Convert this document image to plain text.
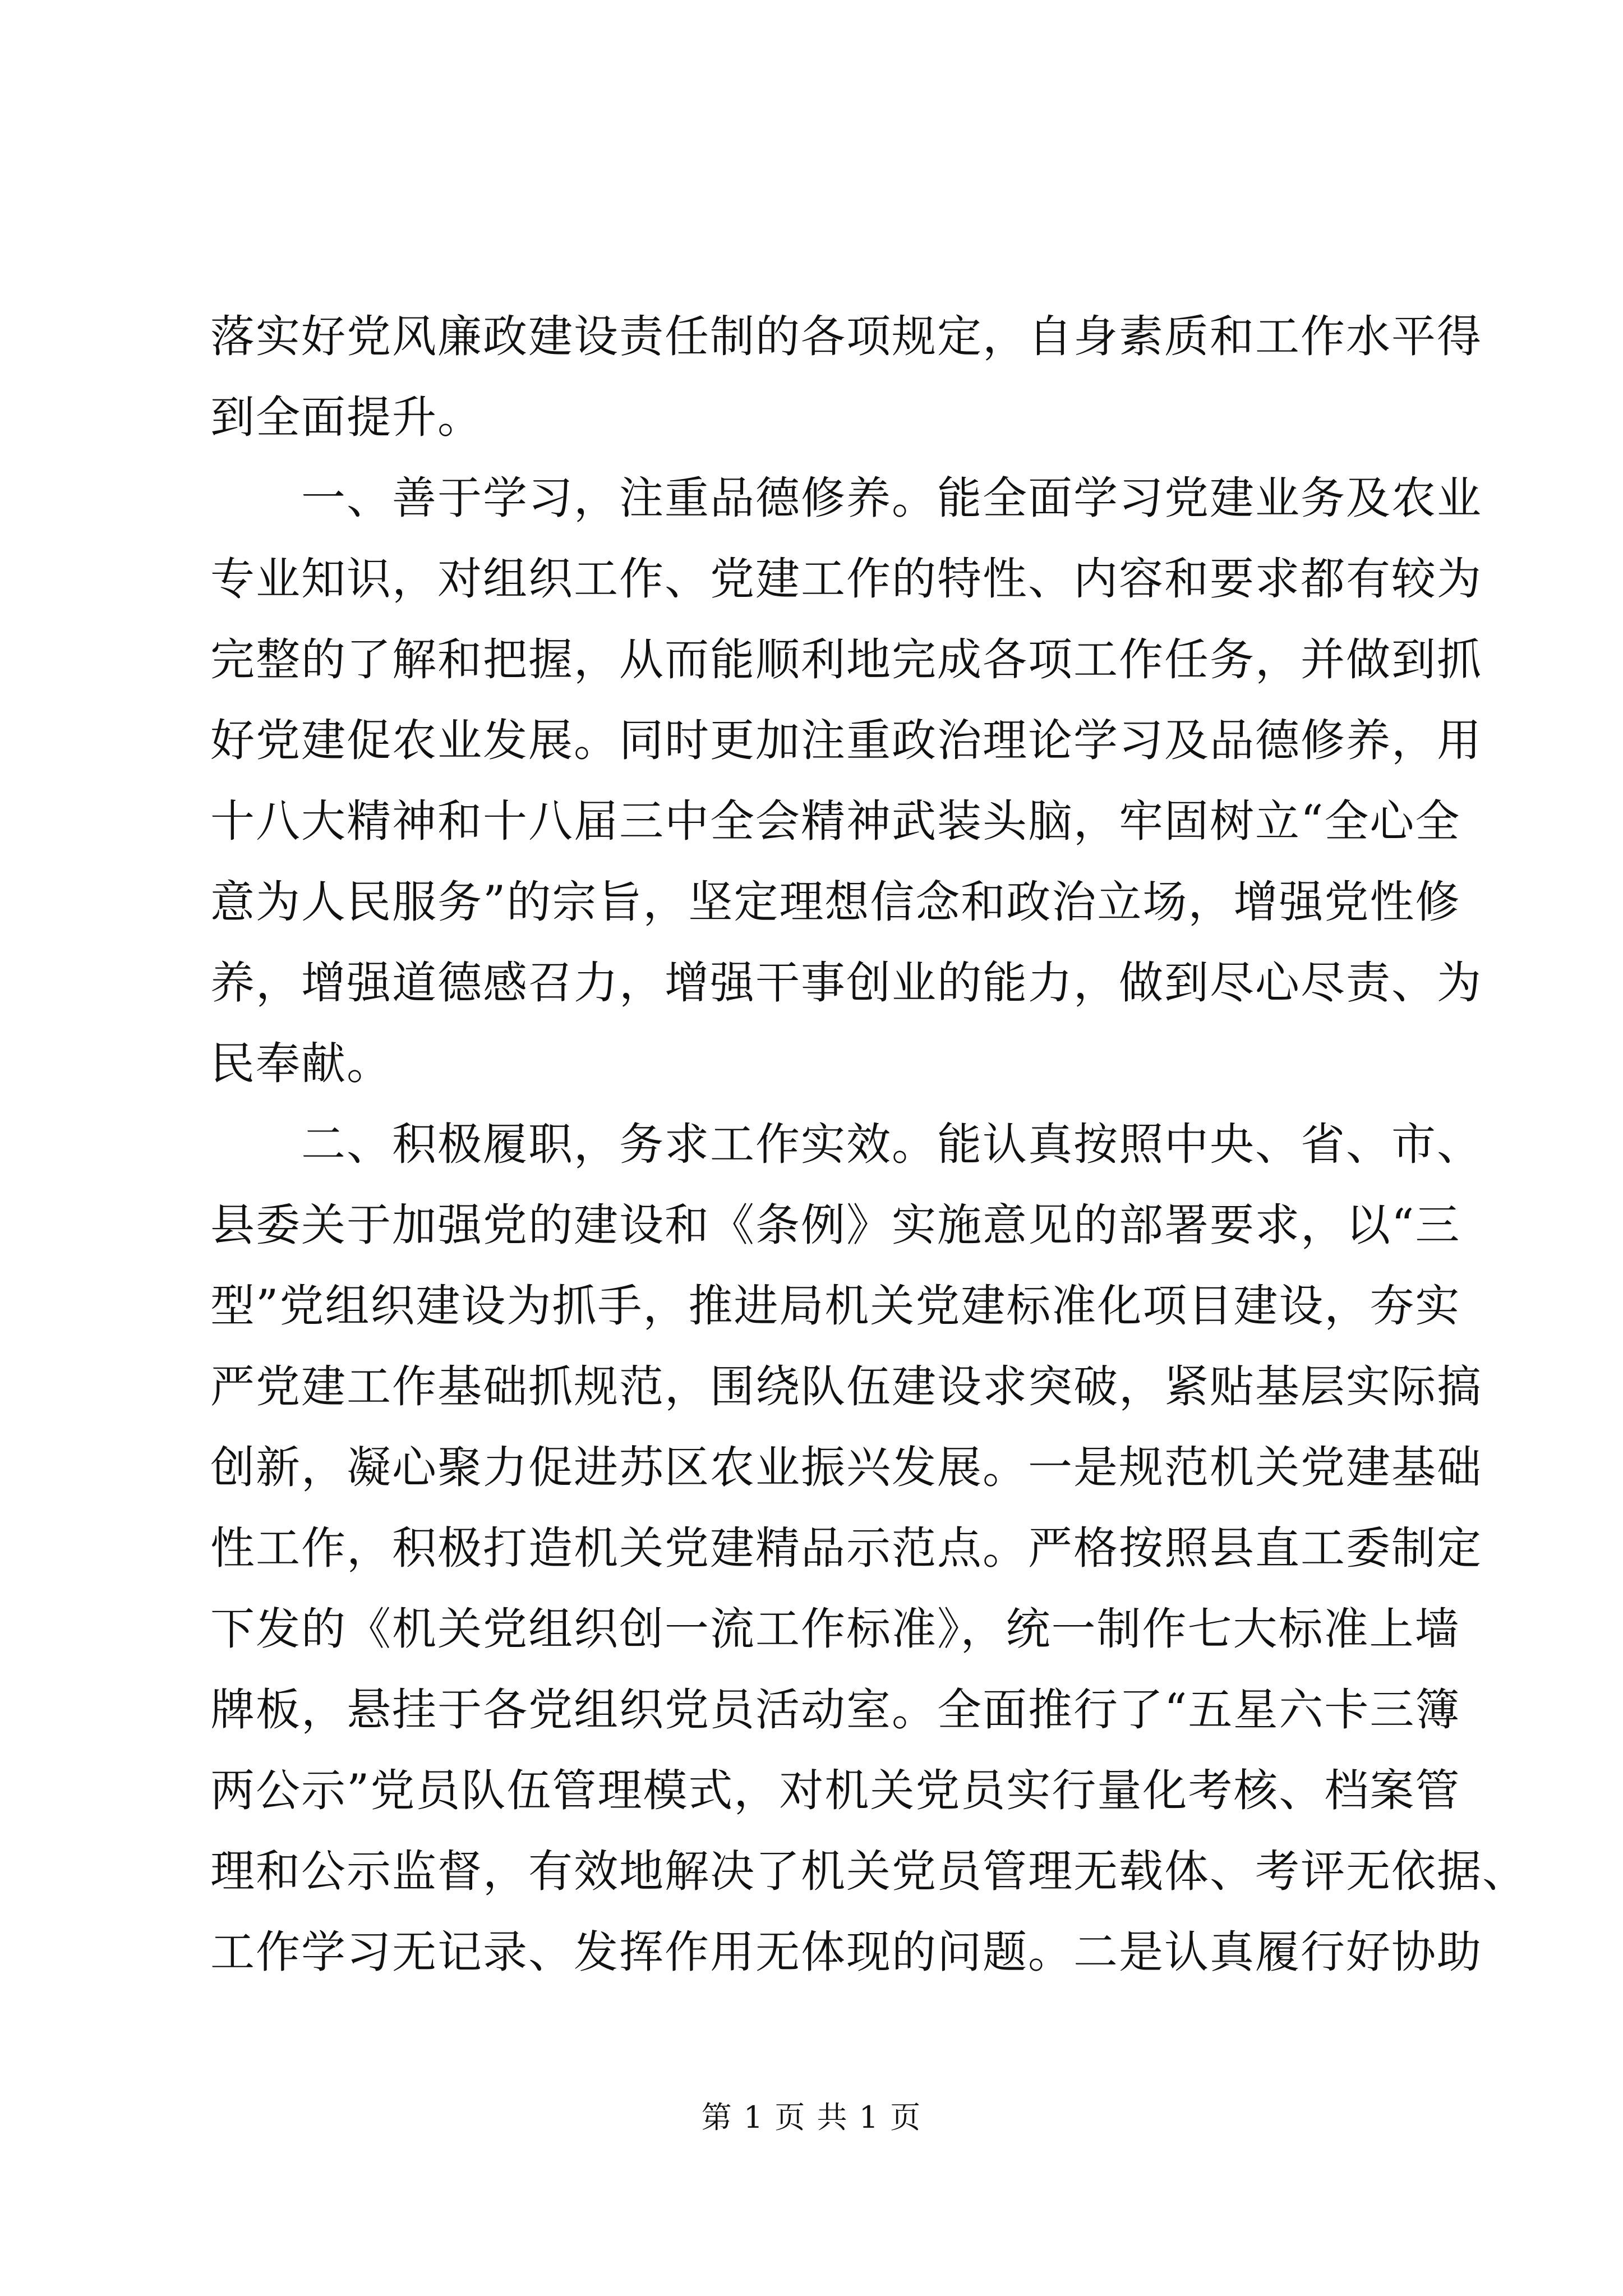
落实好党风廉政建设责任制的各项规定，自身素质和工作水平得
到全面提升。
一、善于学习，注重品德修养。能全面学习党建业务及农业
专业知识，对组织工作、党建工作的特性、内容和要求都有较为
完整的了解和把握，从而能顺利地完成各项工作任务，并做到抓
好党建促农业发展。同时更加注重政治理论学习及品德修养，用
十八大精神和十八届三中全会精神武装头脑，牢固树立“全心全
意为人民服务”的宗旨，坚定理想信念和政治立场，增强党性修
养，增强道德感召力，增强干事创业的能力，做到尽心尽责、为
民奉献。
二、积极履职，务求工作实效。能认真按照中央、省、市、
县委关于加强党的建设和《条例》实施意见的部署要求，以“三
型”党组织建设为抓手，推进局机关党建标准化项目建设，夯实
严党建工作基础抓规范，围绕队伍建设求突破，紧贴基层实际搞
创新，凝心聚力促进苏区农业振兴发展。一是规范机关党建基础
性工作，积极打造机关党建精品示范点。严格按照县直工委制定
下发的《机关党组织创一流工作标准》，统一制作七大标准上墙
牌板，悬挂于各党组织党员活动室。全面推行了“五星六卡三簿
两公示”党员队伍管理模式，对机关党员实行量化考核、档案管
理和公示监督，有效地解决了机关党员管理无载体、考评无依据、
工作学习无记录、发挥作用无体现的问题。二是认真履行好协助
第 1 页 共 1 页
